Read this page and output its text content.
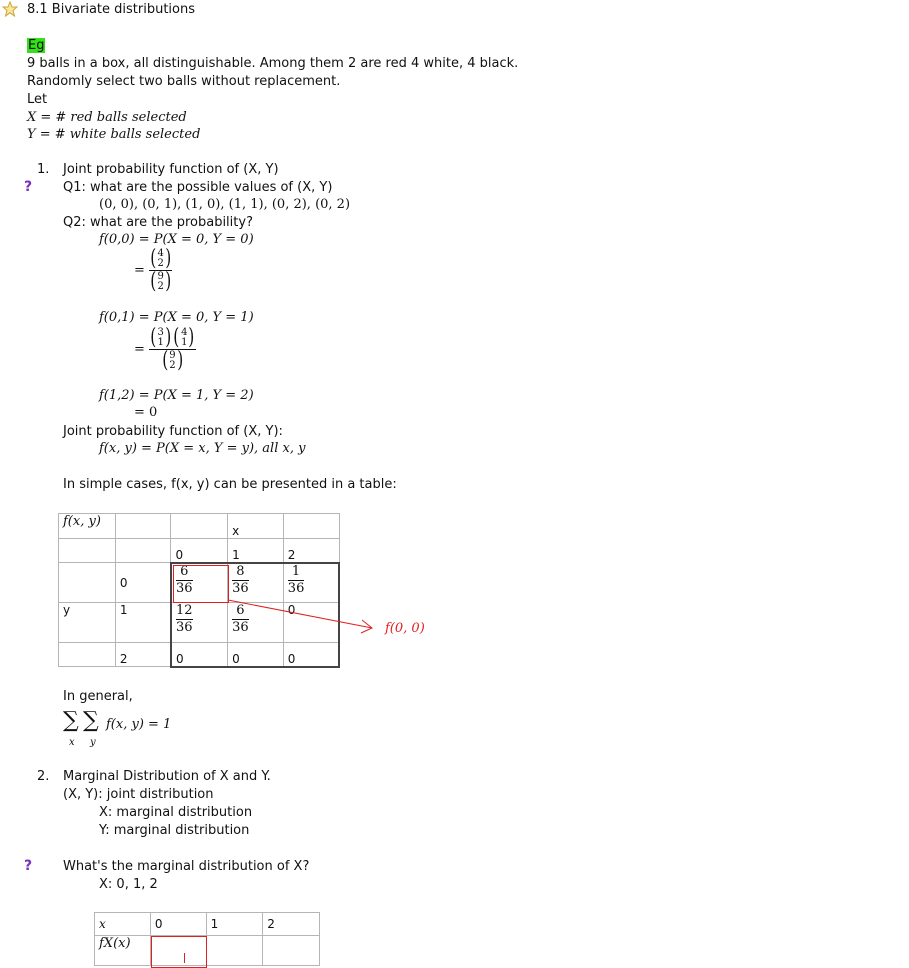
8.1 Bivariate distributions
Eg
9 balls in a box, all distinguishable. Among them 2 are red 4 white, 4 black.
Randomly select two balls without replacement.
Let
X = # red balls selected
Y = # white balls selected
1. Joint probability function of (X, Y)
? Q1: what are the possible values of (X, Y)
(0, 0), (0, 1), (1, 0), (1, 1), (0, 2), (0, 2)
Q2: what are the probability?
f(0,0) = P(X = 0, Y = 0)
= ( 4
2 )
( 9
2 )
f(0,1) = P(X = 0, Y = 1)
= ( 3
1 ) ( 4
1 )
( 9
2 )
f(1,2) = P(X = 1, Y = 2)
= 0
Joint probability function of (X, Y):
f(x, y) = P(X = x, Y = y), all x, y
In simple cases, f(x, y) can be presented in a table:
f(x, y)			x	
		0	1	2
	0	$\frac{6}{36}$	$\frac{8}{36}$	$\frac{1}{36}$

y	1	$\frac{12}{36}$	$\frac{6}{36}$	0
	2	0	0	0
f(0, 0)
In general,
∑ ∑
x y
f(x, y) = 1
2. Marginal Distribution of X and Y.
(X, Y): joint distribution
X: marginal distribution
Y: marginal distribution
? What's the marginal distribution of X?
X: 0, 1, 2
x	0	1	2
fX(x)	
